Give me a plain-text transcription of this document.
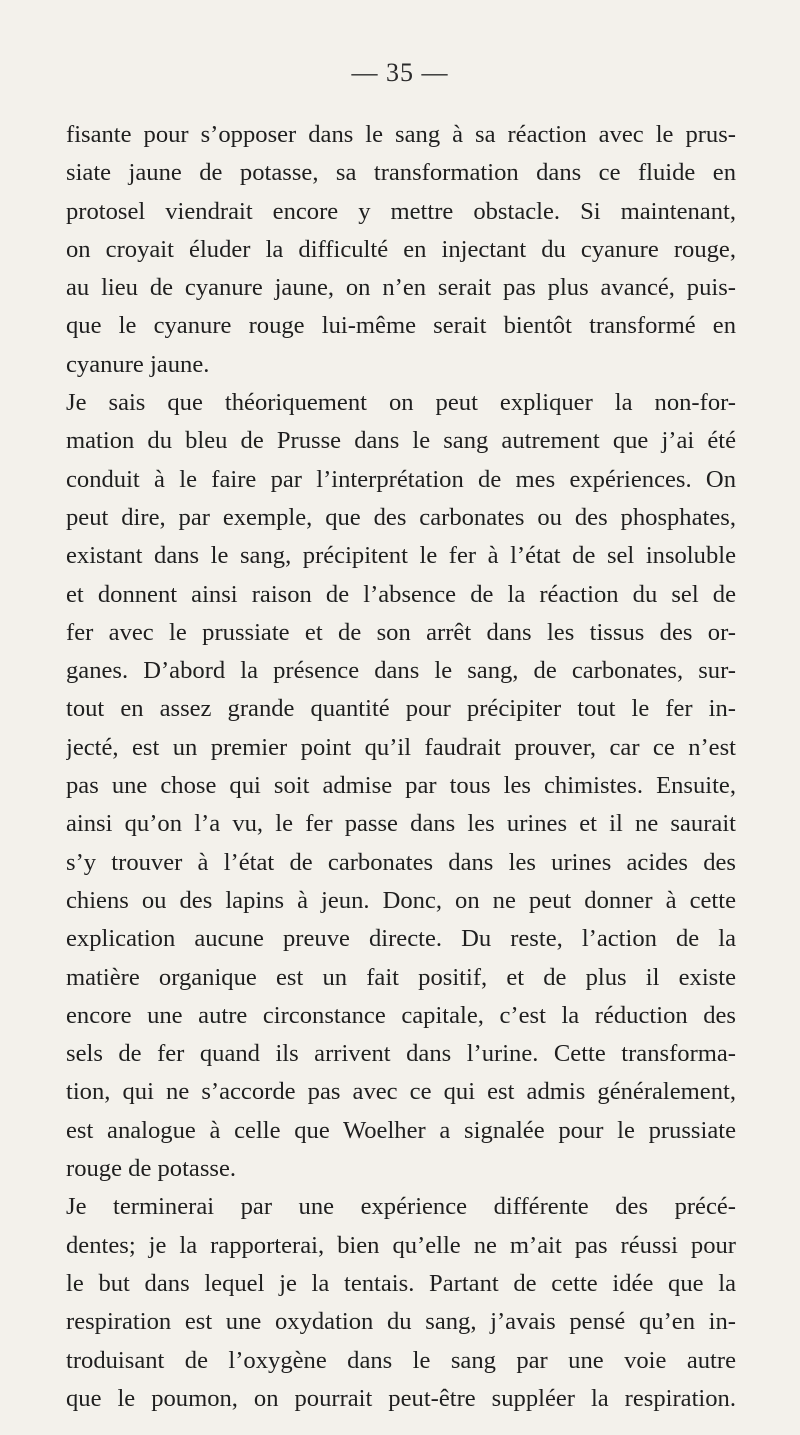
— 35 —
fisante pour s’opposer dans le sang à sa réaction avec le prus-
siate jaune de potasse, sa transformation dans ce fluide en
protosel viendrait encore y mettre obstacle. Si maintenant,
on croyait éluder la difficulté en injectant du cyanure rouge,
au lieu de cyanure jaune, on n’en serait pas plus avancé, puis-
que le cyanure rouge lui-même serait bientôt transformé en
cyanure jaune.
Je sais que théoriquement on peut expliquer la non-for-
mation du bleu de Prusse dans le sang autrement que j’ai été
conduit à le faire par l’interprétation de mes expériences. On
peut dire, par exemple, que des carbonates ou des phosphates,
existant dans le sang, précipitent le fer à l’état de sel insoluble
et donnent ainsi raison de l’absence de la réaction du sel de
fer avec le prussiate et de son arrêt dans les tissus des or-
ganes. D’abord la présence dans le sang, de carbonates, sur-
tout en assez grande quantité pour précipiter tout le fer in-
jecté, est un premier point qu’il faudrait prouver, car ce n’est
pas une chose qui soit admise par tous les chimistes. Ensuite,
ainsi qu’on l’a vu, le fer passe dans les urines et il ne saurait
s’y trouver à l’état de carbonates dans les urines acides des
chiens ou des lapins à jeun. Donc, on ne peut donner à cette
explication aucune preuve directe. Du reste, l’action de la
matière organique est un fait positif, et de plus il existe
encore une autre circonstance capitale, c’est la réduction des
sels de fer quand ils arrivent dans l’urine. Cette transforma-
tion, qui ne s’accorde pas avec ce qui est admis généralement,
est analogue à celle que Woelher a signalée pour le prussiate
rouge de potasse.
Je terminerai par une expérience différente des précé-
dentes; je la rapporterai, bien qu’elle ne m’ait pas réussi pour
le but dans lequel je la tentais. Partant de cette idée que la
respiration est une oxydation du sang, j’avais pensé qu’en in-
troduisant de l’oxygène dans le sang par une voie autre
que le poumon, on pourrait peut-être suppléer la respiration.
